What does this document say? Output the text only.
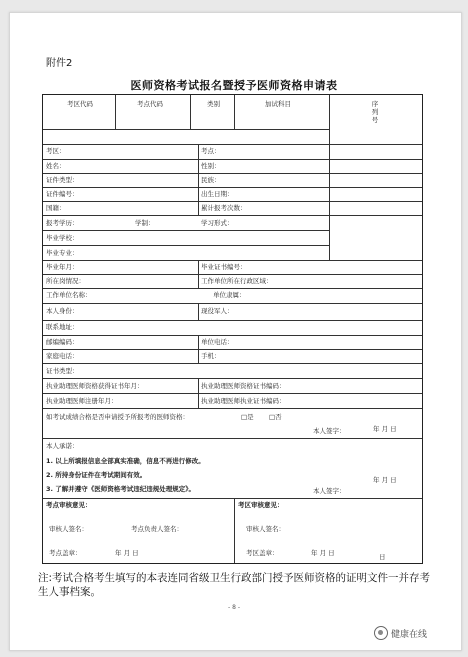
附件2
医师资格考试报名暨授予医师资格申请表
考区代码	考点代码	类别	加试科目	序列号
考区：	考点：
姓名：	性别：
证件类型：	民族：
证件编号：	出生日期：
国籍：	累计报考次数：
报考学历：	学制：	学习形式：
毕业学校：
毕业专业：
毕业年月：	毕业证书编号：
所在岗情况：	工作单位所在行政区域：
工作单位名称：	单位隶属：
本人身份：	现役军人：
联系地址：
邮编编码：	单位电话：
家庭电话：	手机：
证书类型：
执业助理医师资格获得证书年月：	执业助理医师资格证书编码：
执业助理医师注册年月：	执业助理医师执业证书编码：
如考试成绩合格是否申请授予所报考的医师资格：	□是 □否
本人签字：	年 月 日
本人承诺：
1. 以上所填报信息全部真实准确，信息不再进行修改。
2. 所持身份证件在考试期间有效。
3. 了解并遵守《医师资格考试违纪违规处理规定》。	本人签字：
年 月 日
考点审核意见：	考区审核意见：
审核人签名：	考点负责人签名：	审核人签名：
考点盖章：	年 月 日	考区盖章：	年 月 日	日
注:考试合格考生填写的本表连同省级卫生行政部门授予医师资格的证明文件一并存考生人事档案。
- 8 -
健康在线
